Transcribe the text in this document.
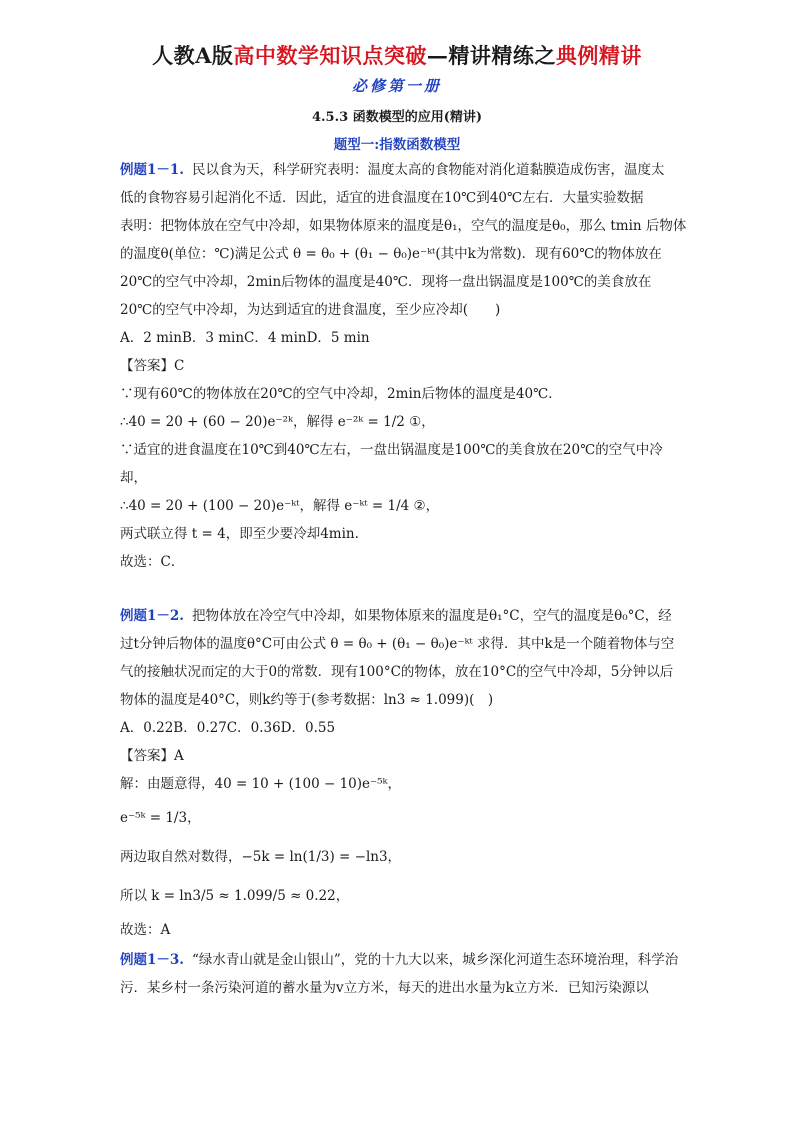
人教A版高中数学知识点突破—精讲精练之典例精讲
必修第一册
4.5.3 函数模型的应用(精讲)
题型一:指数函数模型
例题1－1. 民以食为天，科学研究表明：温度太高的食物能对消化道黏膜造成伤害，温度太
低的食物容易引起消化不适．因此，适宜的进食温度在10℃到40℃左右．大量实验数据
表明：把物体放在空气中冷却，如果物体原来的温度是θ₁，空气的温度是θ₀，那么 tmin 后物体
的温度θ(单位：℃)满足公式 θ = θ₀ + (θ₁ − θ₀)e⁻ᵏᵗ(其中k为常数)．现有60℃的物体放在
20℃的空气中冷却，2min后物体的温度是40℃．现将一盘出锅温度是100℃的美食放在
20℃的空气中冷却，为达到适宜的进食温度，至少应冷却(　　)
A．2 minB．3 minC．4 minD．5 min
【答案】C
∵现有60℃的物体放在20℃的空气中冷却，2min后物体的温度是40℃．
∴40 = 20 + (60 − 20)e⁻²ᵏ，解得 e⁻²ᵏ = 1/2 ①，
∵适宜的进食温度在10℃到40℃左右，一盘出锅温度是100℃的美食放在20℃的空气中冷
却，
∴40 = 20 + (100 − 20)e⁻ᵏᵗ，解得 e⁻ᵏᵗ = 1/4 ②，
两式联立得 t = 4，即至少要冷却4min.
故选：C．
例题1－2. 把物体放在冷空气中冷却，如果物体原来的温度是θ₁°C，空气的温度是θ₀°C，经
过t分钟后物体的温度θ°C可由公式 θ = θ₀ + (θ₁ − θ₀)e⁻ᵏᵗ 求得．其中k是一个随着物体与空
气的接触状况而定的大于0的常数．现有100°C的物体，放在10°C的空气中冷却，5分钟以后
物体的温度是40°C，则k约等于(参考数据：ln3 ≈ 1.099)(　)
A．0.22B．0.27C．0.36D．0.55
【答案】A
解：由题意得，40 = 10 + (100 − 10)e⁻⁵ᵏ，
e⁻⁵ᵏ = 1/3，
两边取自然对数得，−5k = ln(1/3) = −ln3，
所以 k = ln3/5 ≈ 1.099/5 ≈ 0.22，
故选：A
例题1－3. “绿水青山就是金山银山”，党的十九大以来，城乡深化河道生态环境治理，科学治
污．某乡村一条污染河道的蓄水量为v立方米，每天的进出水量为k立方米．已知污染源以
